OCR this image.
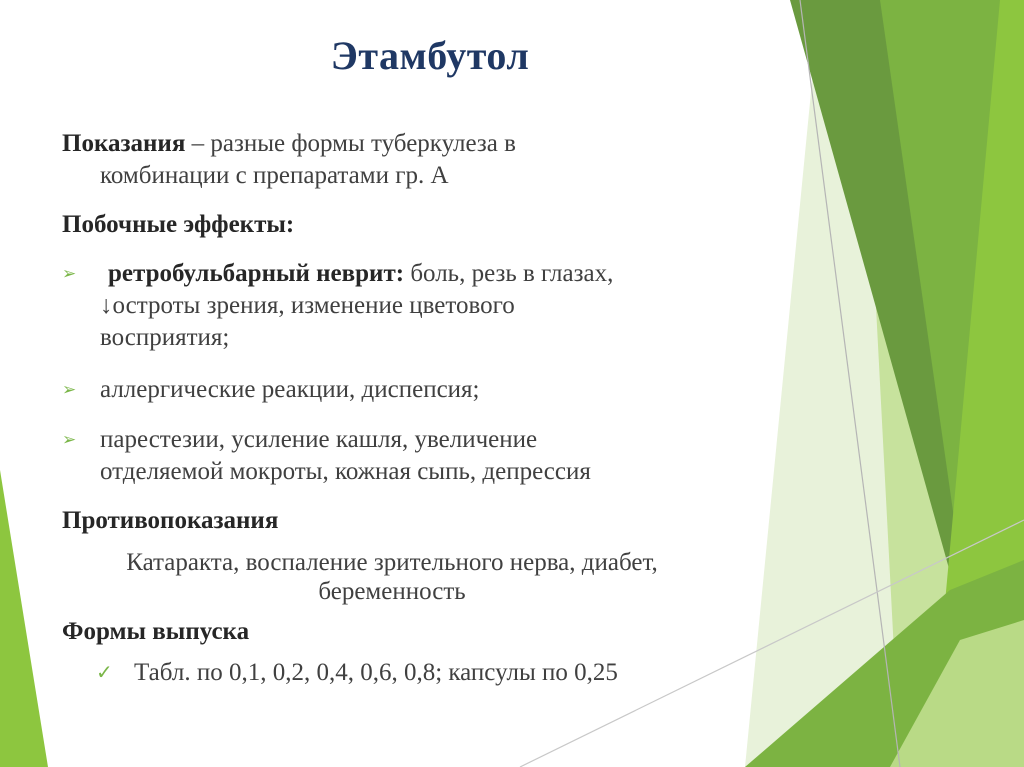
Этамбутол
Показания – разные формы туберкулеза в
комбинации с препаратами гр. А
Побочные эффекты:
➢	ретробульбарный неврит: боль, резь в глазах,
↓остроты зрения, изменение цветового
восприятия;
➢ аллергические реакции, диспепсия;
➢ парестезии, усиление кашля, увеличение
отделяемой мокроты, кожная сыпь, депрессия
Противопоказания
Катаракта, воспаление зрительного нерва, диабет,
беременность
Формы выпуска
✓ Табл. по 0,1, 0,2, 0,4, 0,6, 0,8; капсулы по 0,25
